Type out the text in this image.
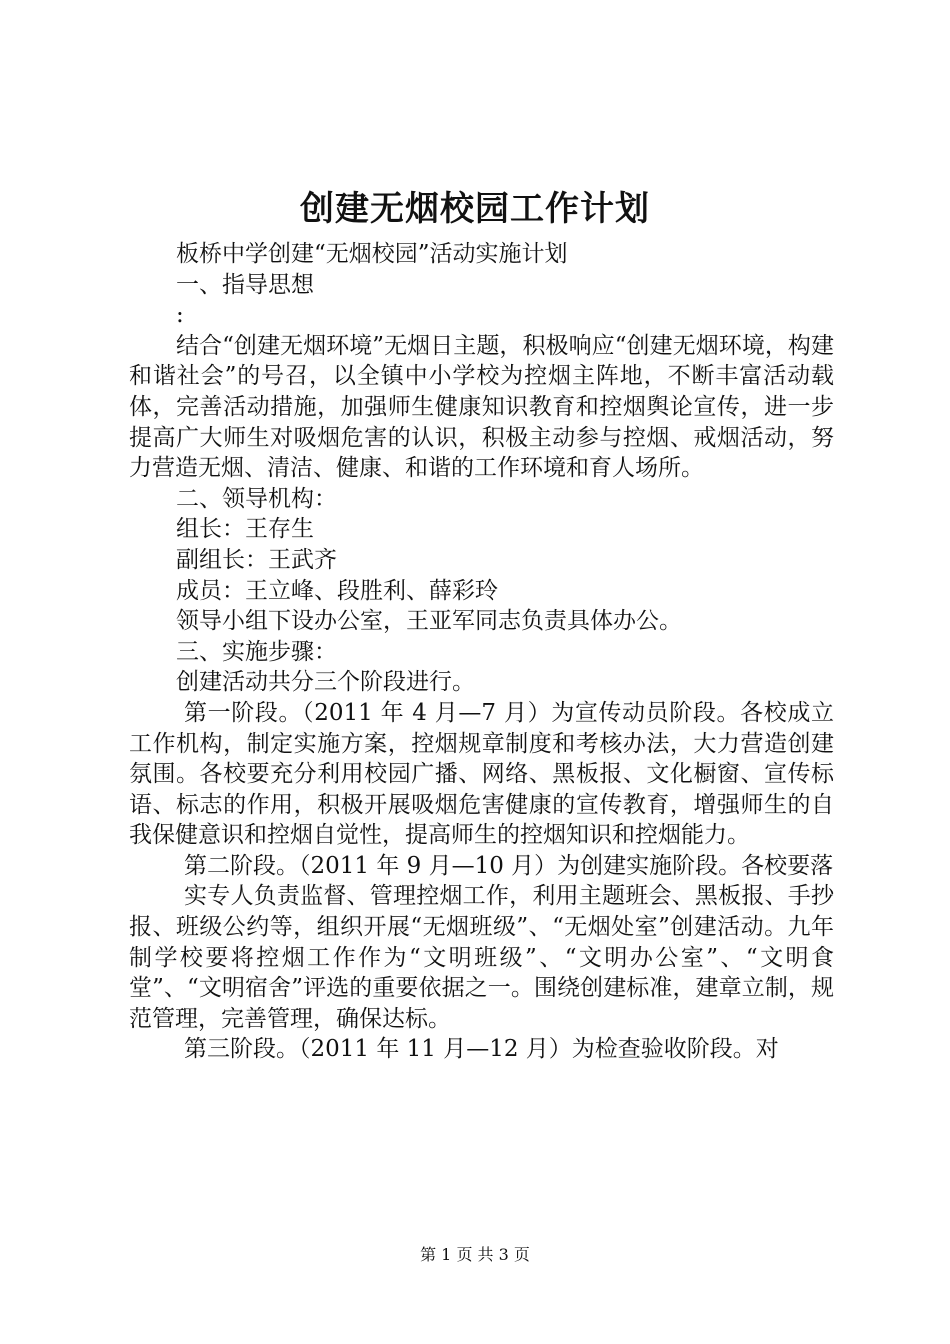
创建无烟校园工作计划

板桥中学创建“无烟校园”活动实施计划

一、指导思想

:

结合“创建无烟环境”无烟日主题，积极响应“创建无烟环境，构建和谐社会”的号召，以全镇中小学校为控烟主阵地，不断丰富活动载体，完善活动措施，加强师生健康知识教育和控烟舆论宣传，进一步提高广大师生对吸烟危害的认识，积极主动参与控烟、戒烟活动，努力营造无烟、清洁、健康、和谐的工作环境和育人场所。

二、领导机构：

组长：王存生

副组长：王武齐

成员：王立峰、段胜利、薛彩玲

领导小组下设办公室，王亚军同志负责具体办公。

三、实施步骤：

创建活动共分三个阶段进行。

第一阶段。（2011 年 4 月—7 月）为宣传动员阶段。各校成立工作机构，制定实施方案，控烟规章制度和考核办法，大力营造创建氛围。各校要充分利用校园广播、网络、黑板报、文化橱窗、宣传标语、标志的作用，积极开展吸烟危害健康的宣传教育，增强师生的自我保健意识和控烟自觉性，提高师生的控烟知识和控烟能力。

第二阶段。（2011 年 9 月—10 月）为创建实施阶段。各校要落

实专人负责监督、管理控烟工作，利用主题班会、黑板报、手抄报、班级公约等，组织开展“无烟班级”、“无烟处室”创建活动。九年制学校要将控烟工作作为“文明班级”、“文明办公室”、“文明食堂”、“文明宿舍”评选的重要依据之一。围绕创建标准，建章立制，规范管理，完善管理，确保达标。

第三阶段。（2011 年 11 月—12 月）为检查验收阶段。对

第 1 页 共 3 页
